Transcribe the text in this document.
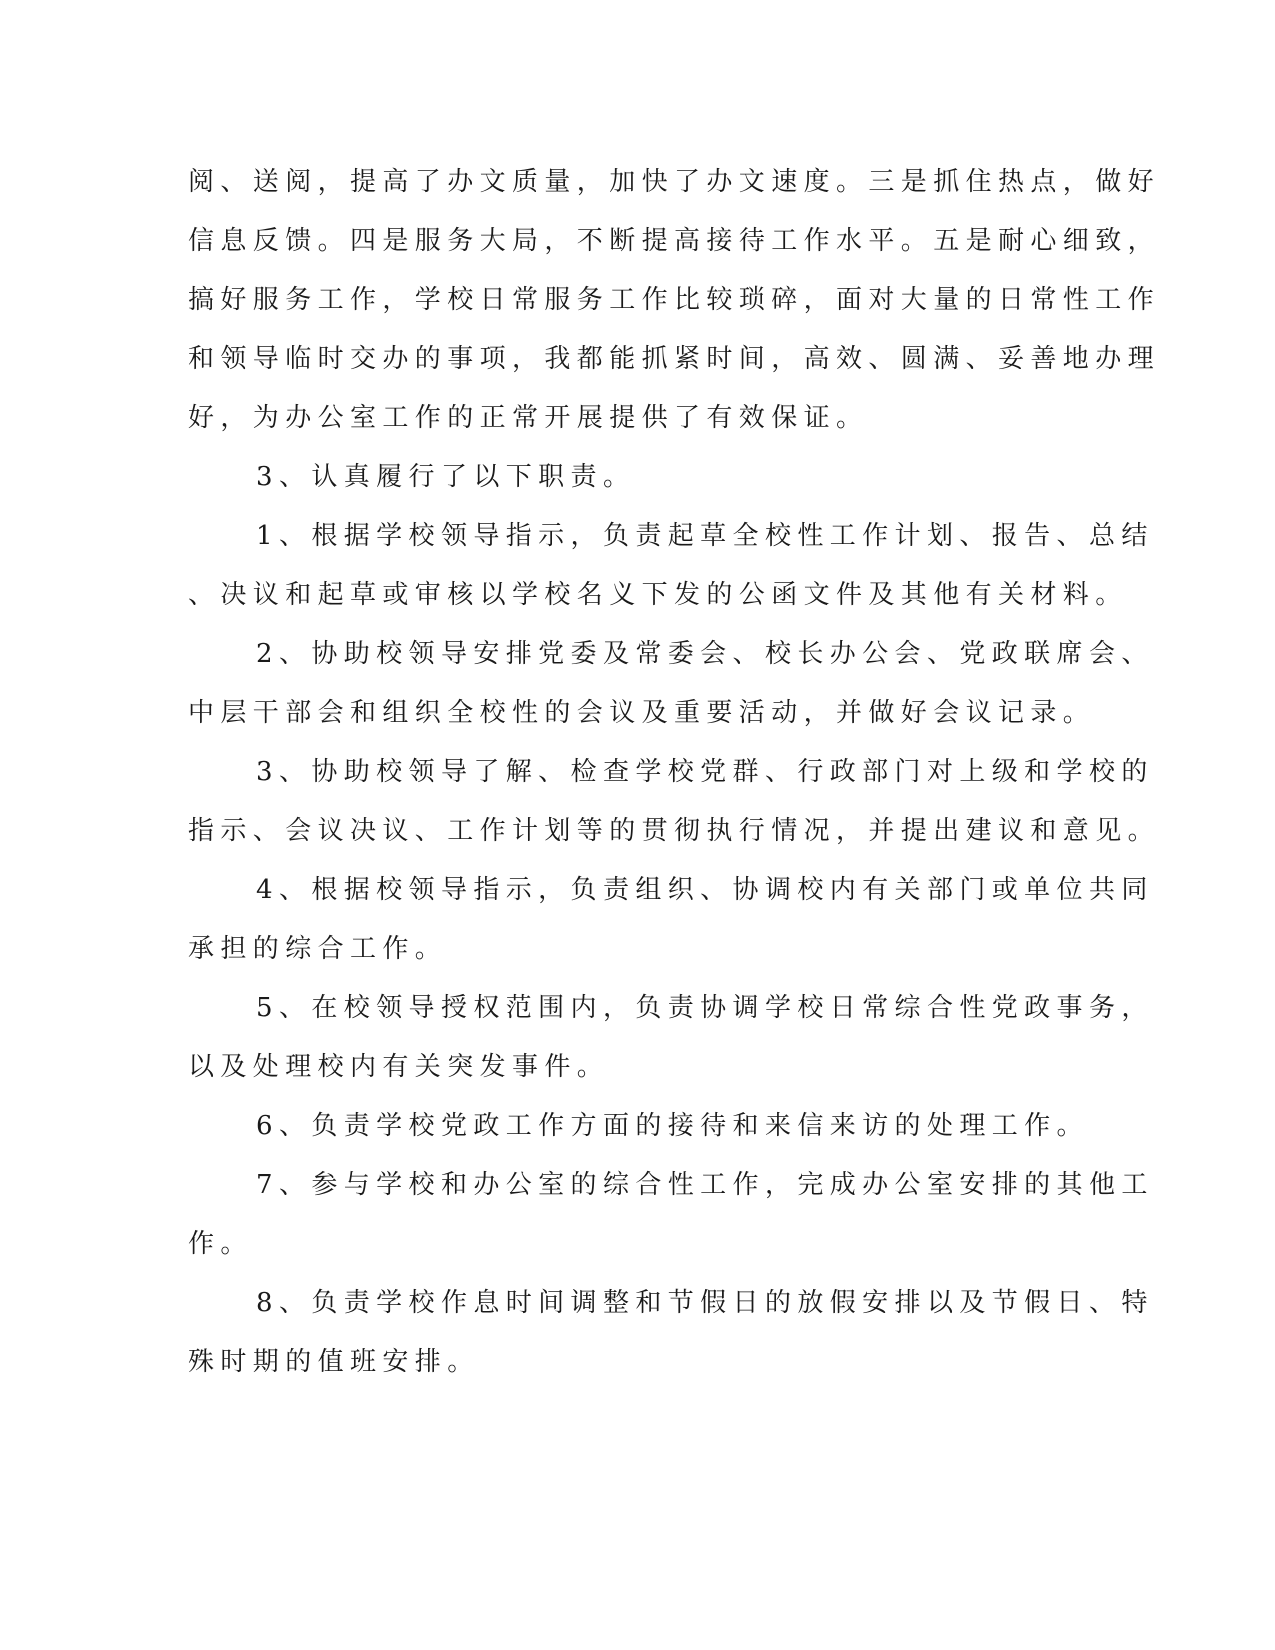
阅、送阅，提高了办文质量，加快了办文速度。三是抓住热点，做好
信息反馈。四是服务大局，不断提高接待工作水平。五是耐心细致，
搞好服务工作，学校日常服务工作比较琐碎，面对大量的日常性工作
和领导临时交办的事项，我都能抓紧时间，高效、圆满、妥善地办理
好，为办公室工作的正常开展提供了有效保证。
3、认真履行了以下职责。
1、根据学校领导指示，负责起草全校性工作计划、报告、总结
、决议和起草或审核以学校名义下发的公函文件及其他有关材料。
2、协助校领导安排党委及常委会、校长办公会、党政联席会、
中层干部会和组织全校性的会议及重要活动，并做好会议记录。
3、协助校领导了解、检查学校党群、行政部门对上级和学校的
指示、会议决议、工作计划等的贯彻执行情况，并提出建议和意见。
4、根据校领导指示，负责组织、协调校内有关部门或单位共同
承担的综合工作。
5、在校领导授权范围内，负责协调学校日常综合性党政事务，
以及处理校内有关突发事件。
6、负责学校党政工作方面的接待和来信来访的处理工作。
7、参与学校和办公室的综合性工作，完成办公室安排的其他工
作。
8、负责学校作息时间调整和节假日的放假安排以及节假日、特
殊时期的值班安排。
